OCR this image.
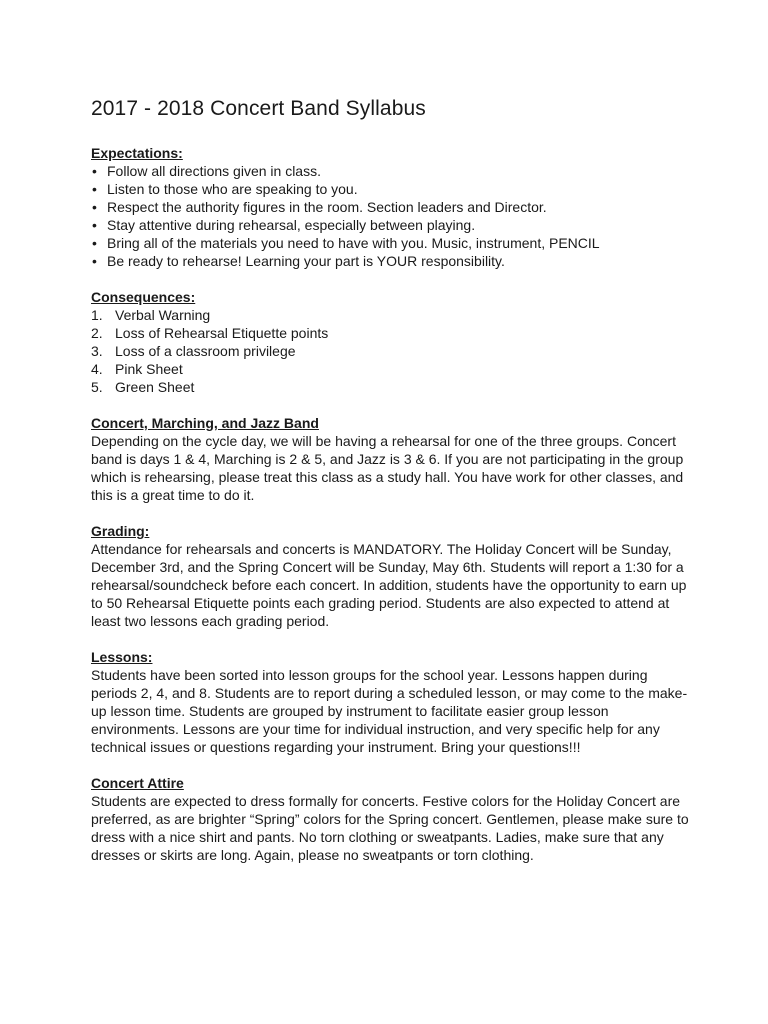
2017 - 2018 Concert Band Syllabus
Expectations:
• Follow all directions given in class.
• Listen to those who are speaking to you.
• Respect the authority figures in the room. Section leaders and Director.
• Stay attentive during rehearsal, especially between playing.
• Bring all of the materials you need to have with you. Music, instrument, PENCIL
• Be ready to rehearse! Learning your part is YOUR responsibility.
Consequences:
1. Verbal Warning
2. Loss of Rehearsal Etiquette points
3. Loss of a classroom privilege
4. Pink Sheet
5. Green Sheet
Concert, Marching, and Jazz Band

Depending on the cycle day, we will be having a rehearsal for one of the three groups. Concert band is days 1 & 4, Marching is 2 & 5, and Jazz is 3 & 6. If you are not participating in the group which is rehearsing, please treat this class as a study hall. You have work for other classes, and this is a great time to do it.

Grading:

Attendance for rehearsals and concerts is MANDATORY. The Holiday Concert will be Sunday, December 3rd, and the Spring Concert will be Sunday, May 6th. Students will report a 1:30 for a rehearsal/soundcheck before each concert. In addition, students have the opportunity to earn up to 50 Rehearsal Etiquette points each grading period. Students are also expected to attend at least two lessons each grading period.

Lessons:

Students have been sorted into lesson groups for the school year. Lessons happen during periods 2, 4, and 8. Students are to report during a scheduled lesson, or may come to the make-up lesson time. Students are grouped by instrument to facilitate easier group lesson environments. Lessons are your time for individual instruction, and very specific help for any technical issues or questions regarding your instrument. Bring your questions!!!

Concert Attire

Students are expected to dress formally for concerts. Festive colors for the Holiday Concert are preferred, as are brighter “Spring” colors for the Spring concert. Gentlemen, please make sure to dress with a nice shirt and pants. No torn clothing or sweatpants. Ladies, make sure that any dresses or skirts are long. Again, please no sweatpants or torn clothing.
